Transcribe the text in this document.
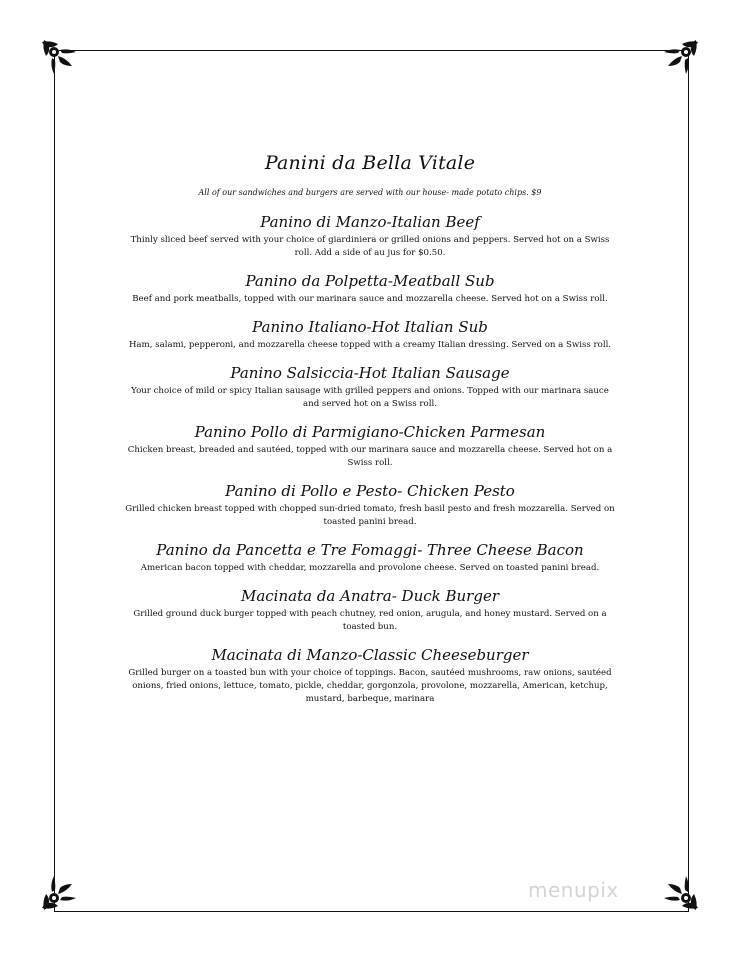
Panini da Bella Vitale
All of our sandwiches and burgers are served with our house- made potato chips. $9
Panino di Manzo-Italian Beef
Thinly sliced beef served with your choice of giardiniera or grilled onions and peppers. Served hot on a Swiss roll. Add a side of au jus for $0.50.
Panino da Polpetta-Meatball Sub
Beef and pork meatballs, topped with our marinara sauce and mozzarella cheese. Served hot on a Swiss roll.
Panino Italiano-Hot Italian Sub
Ham, salami, pepperoni, and mozzarella cheese topped with a creamy Italian dressing. Served on a Swiss roll.
Panino Salsiccia-Hot Italian Sausage
Your choice of mild or spicy Italian sausage with grilled peppers and onions. Topped with our marinara sauce and served hot on a Swiss roll.
Panino Pollo di Parmigiano-Chicken Parmesan
Chicken breast, breaded and sautéed, topped with our marinara sauce and mozzarella cheese. Served hot on a Swiss roll.
Panino di Pollo e Pesto- Chicken Pesto
Grilled chicken breast topped with chopped sun-dried tomato, fresh basil pesto and fresh mozzarella. Served on toasted panini bread.
Panino da Pancetta e Tre Fomaggi- Three Cheese Bacon
American bacon topped with cheddar, mozzarella and provolone cheese. Served on toasted panini bread.
Macinata da Anatra- Duck Burger
Grilled ground duck burger topped with peach chutney, red onion, arugula, and honey mustard. Served on a toasted bun.
Macinata di Manzo-Classic Cheeseburger
Grilled burger on a toasted bun with your choice of toppings. Bacon, sautéed mushrooms, raw onions, sautéed onions, fried onions, lettuce, tomato, pickle, cheddar, gorgonzola, provolone, mozzarella, American, ketchup, mustard, barbeque, marinara
menupix
